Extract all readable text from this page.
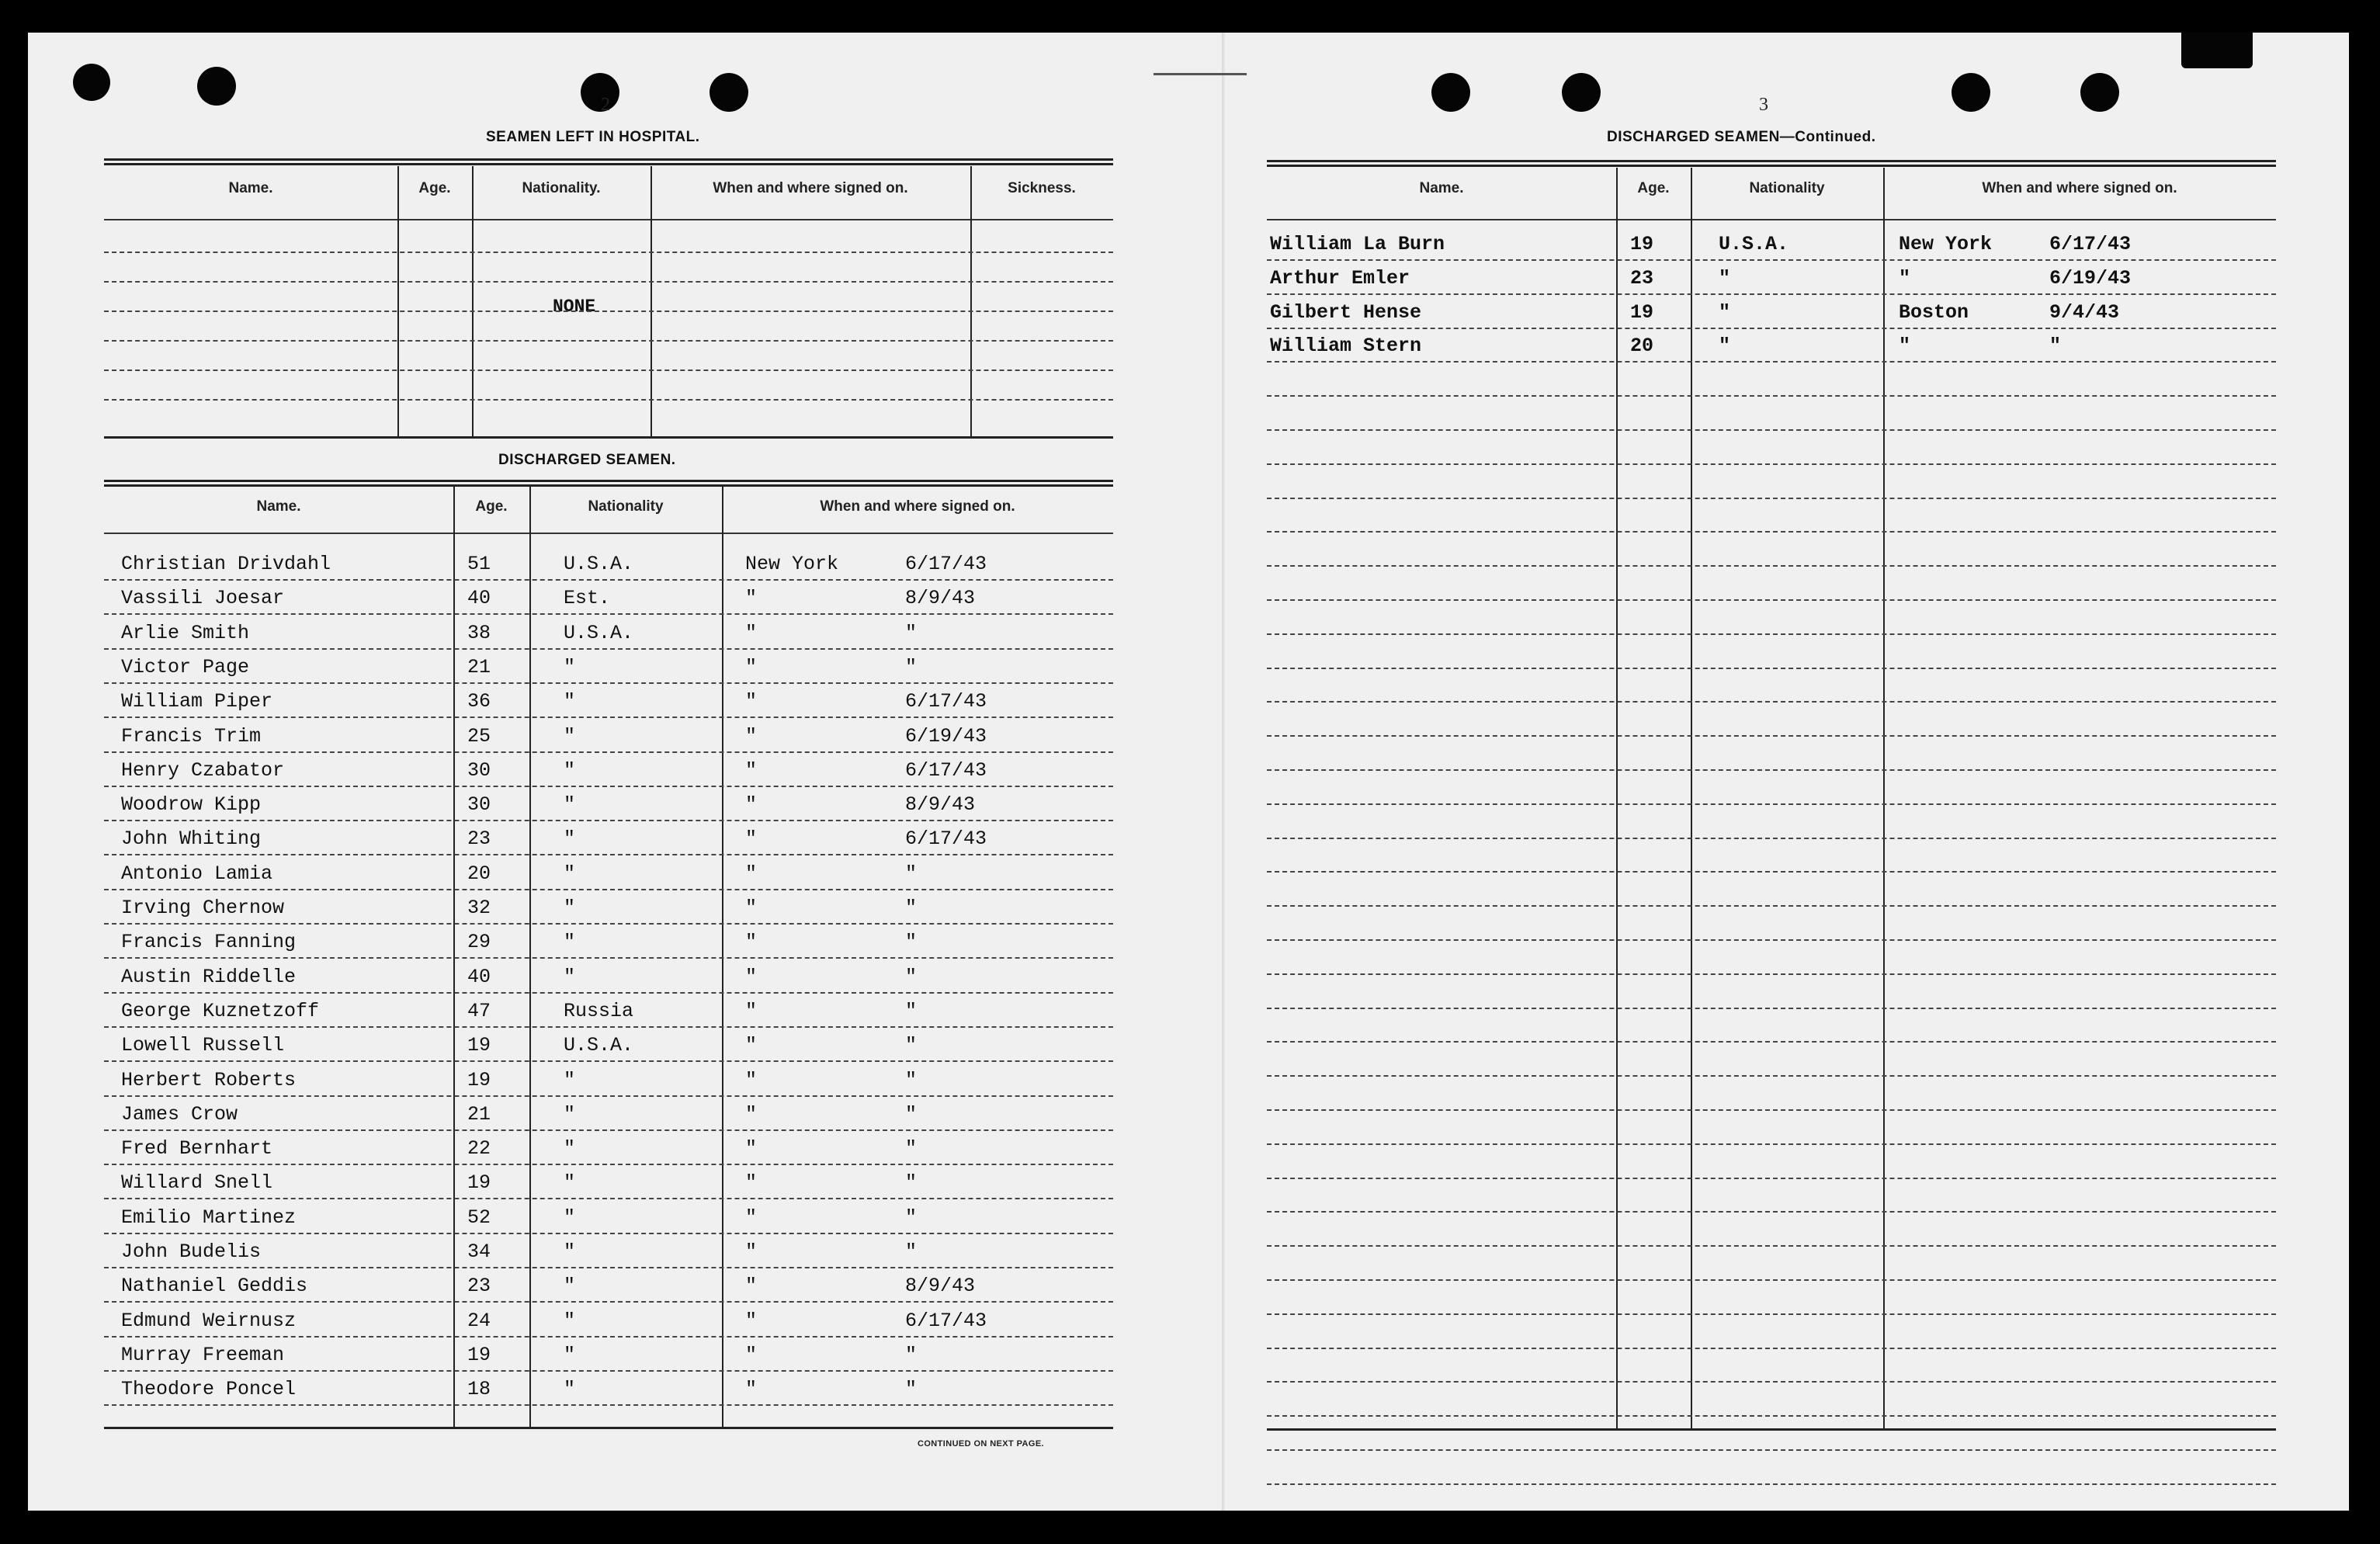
2
SEAMEN LEFT IN HOSPITAL.
NONE
DISCHARGED SEAMEN.
CONTINUED ON NEXT PAGE.
3
DISCHARGED SEAMEN—Continued.
Name.	Age.	Nationality.	When and where signed on.	Sickness.
Name.	Age.	Nationality	When and where signed on.
Christian Drivdahl	51	U.S.A.	New York	6/17/43
Vassili Joesar	40	Est.	"	8/9/43
Arlie Smith	38	U.S.A.	"	"
Victor Page	21	"	"	"
William Piper	36	"	"	6/17/43
Francis Trim	25	"	"	6/19/43
Henry Czabator	30	"	"	6/17/43
Woodrow Kipp	30	"	"	8/9/43
John Whiting	23	"	"	6/17/43
Antonio Lamia	20	"	"	"
Irving Chernow	32	"	"	"
Francis Fanning	29	"	"	"
Austin Riddelle	40	"	"	"
George Kuznetzoff	47	Russia	"	"
Lowell Russell	19	U.S.A.	"	"
Herbert Roberts	19	"	"	"
James Crow	21	"	"	"
Fred Bernhart	22	"	"	"
Willard Snell	19	"	"	"
Emilio Martinez	52	"	"	"
John Budelis	34	"	"	"
Nathaniel Geddis	23	"	"	8/9/43
Edmund Weirnusz	24	"	"	6/17/43
Murray Freeman	19	"	"	"
Theodore Poncel	18	"	"	"
Name.	Age.	Nationality	When and where signed on.
William La Burn	19	U.S.A.	New York	6/17/43
Arthur Emler	23	"	"	6/19/43
Gilbert Hense	19	"	Boston	9/4/43
William Stern	20	"	"	"
